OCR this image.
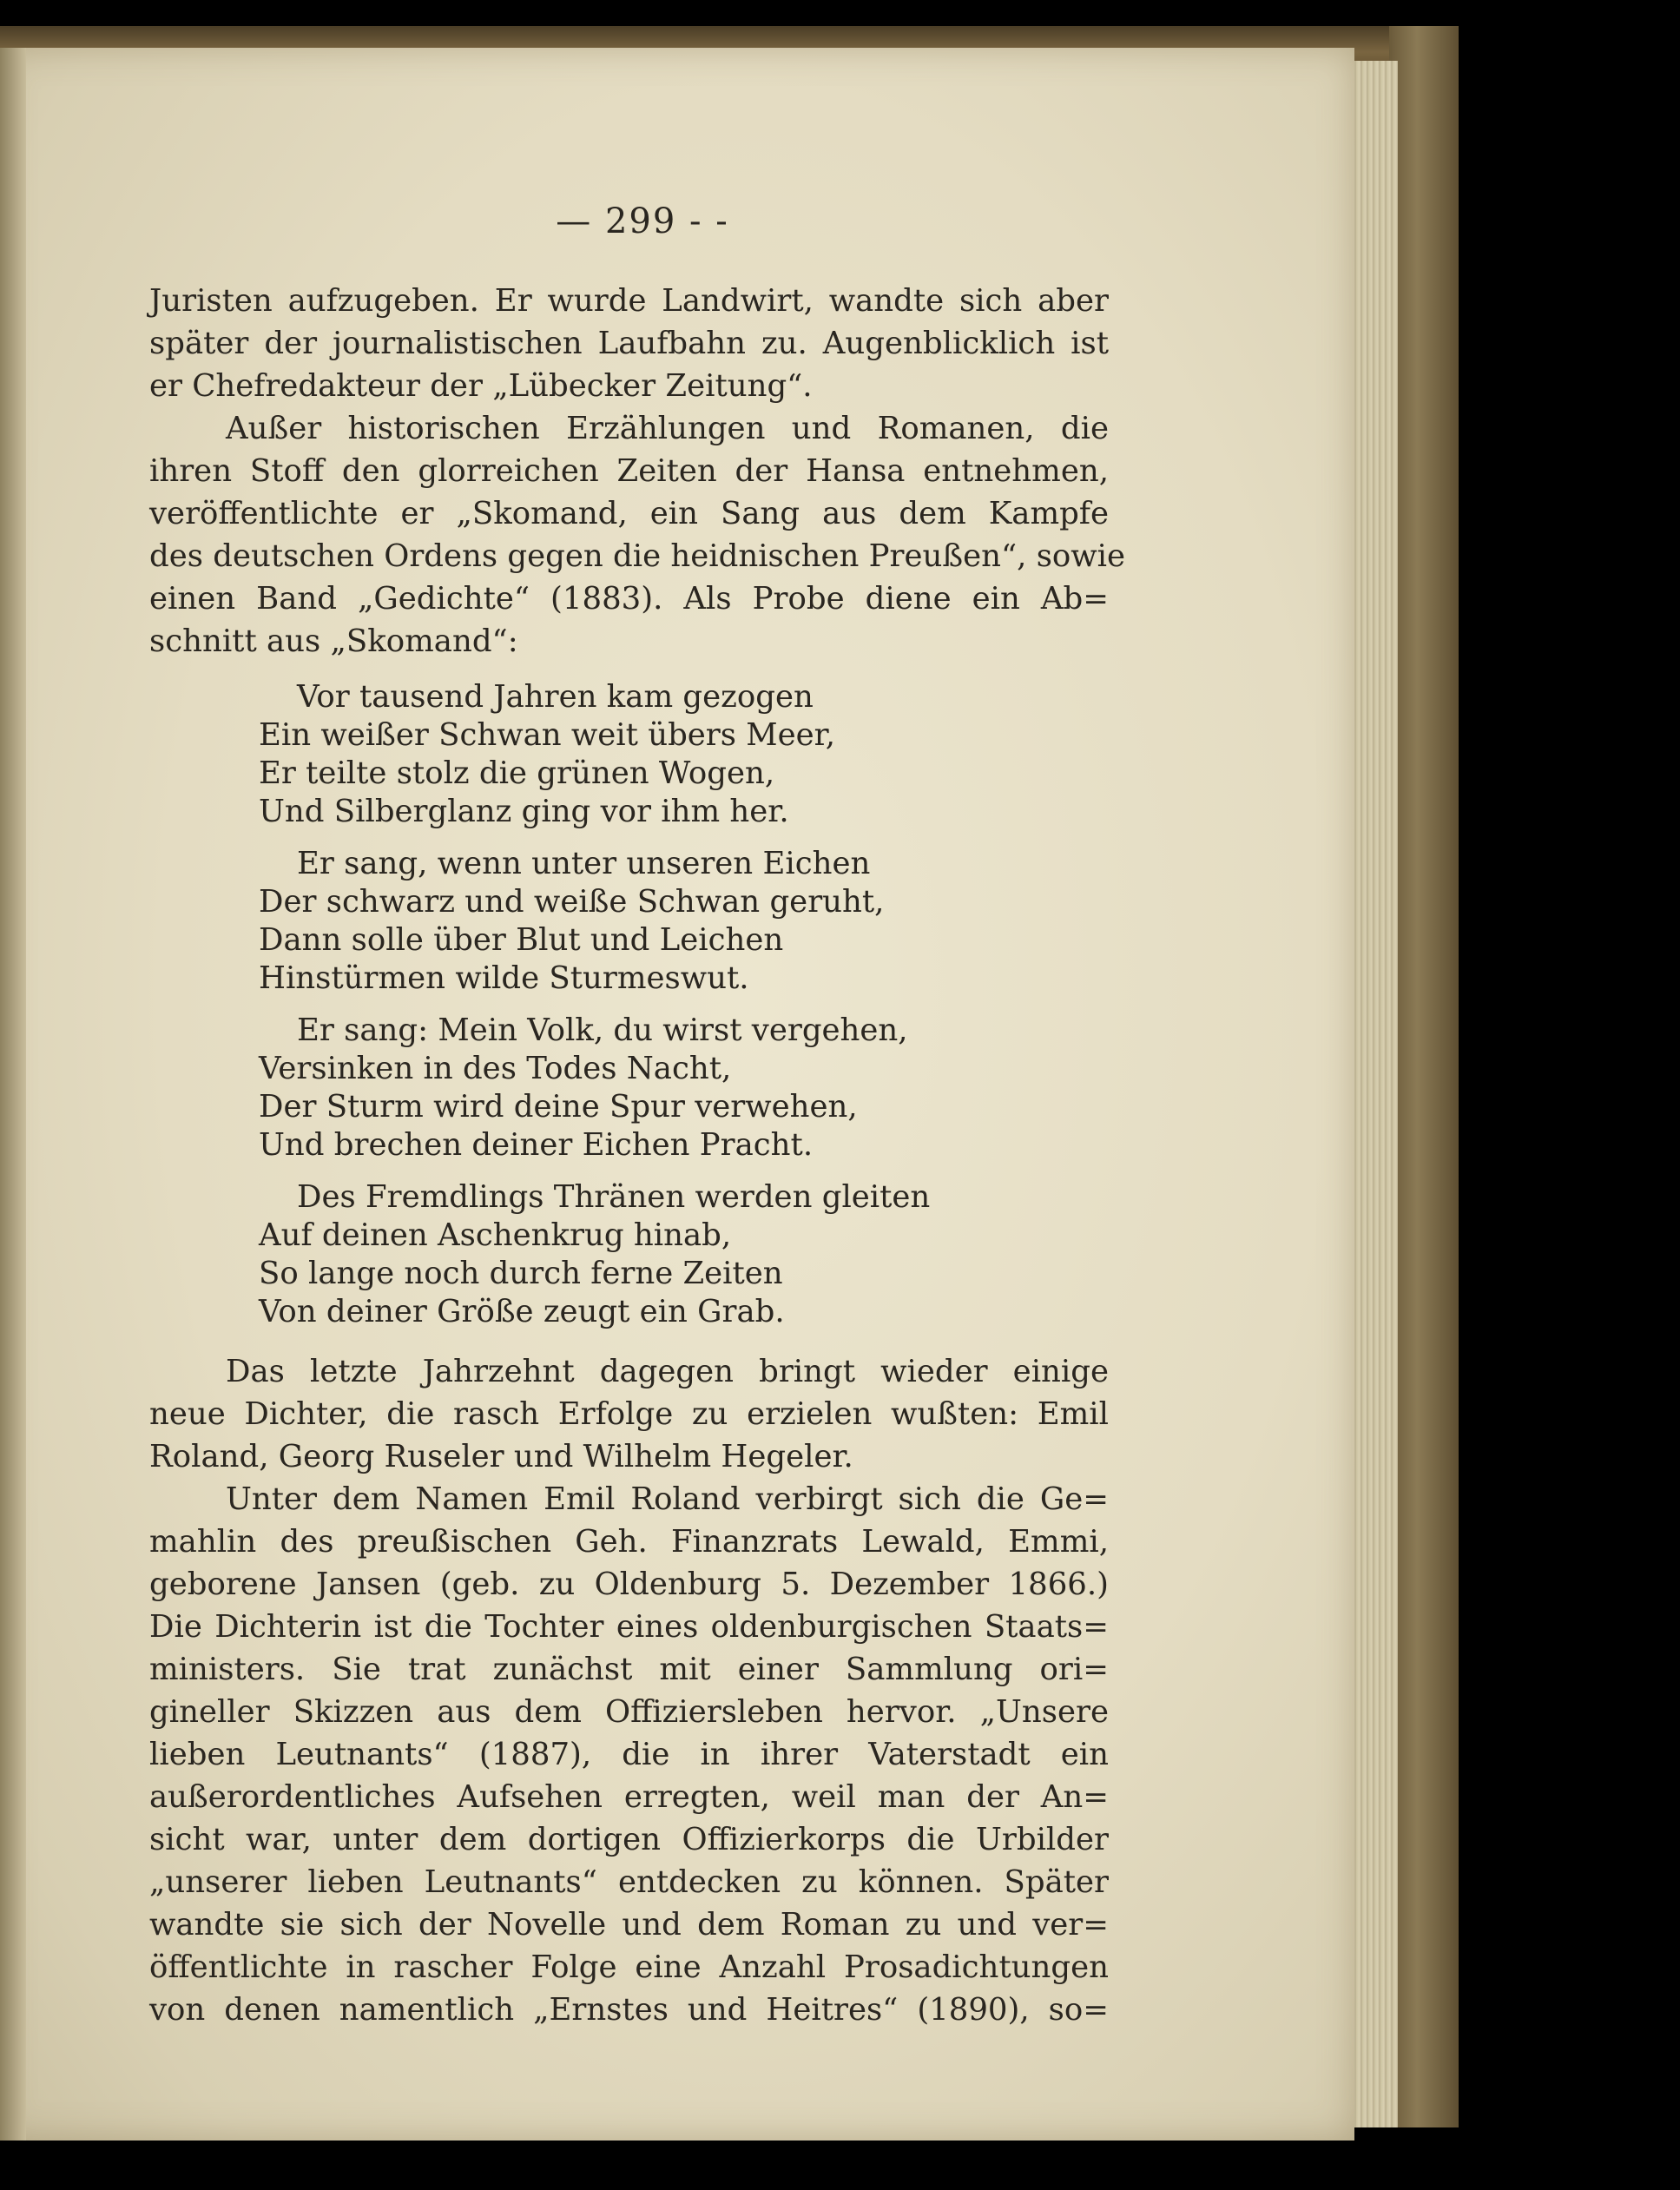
— 299 - -
Juristen aufzugeben. Er wurde Landwirt, wandte sich aber
später der journalistischen Laufbahn zu. Augenblicklich ist
er Chefredakteur der „Lübecker Zeitung“.
Außer historischen Erzählungen und Romanen, die
ihren Stoff den glorreichen Zeiten der Hansa entnehmen,
veröffentlichte er „Skomand, ein Sang aus dem Kampfe
des deutschen Ordens gegen die heidnischen Preußen“, sowie
einen Band „Gedichte“ (1883). Als Probe diene ein Ab=
schnitt aus „Skomand“:
Vor tausend Jahren kam gezogen
Ein weißer Schwan weit übers Meer,
Er teilte stolz die grünen Wogen,
Und Silberglanz ging vor ihm her.
Er sang, wenn unter unseren Eichen
Der schwarz und weiße Schwan geruht,
Dann solle über Blut und Leichen
Hinstürmen wilde Sturmeswut.
Er sang: Mein Volk, du wirst vergehen,
Versinken in des Todes Nacht,
Der Sturm wird deine Spur verwehen,
Und brechen deiner Eichen Pracht.
Des Fremdlings Thränen werden gleiten
Auf deinen Aschenkrug hinab,
So lange noch durch ferne Zeiten
Von deiner Größe zeugt ein Grab.
Das letzte Jahrzehnt dagegen bringt wieder einige
neue Dichter, die rasch Erfolge zu erzielen wußten: Emil
Roland, Georg Ruseler und Wilhelm Hegeler.
Unter dem Namen Emil Roland verbirgt sich die Ge=
mahlin des preußischen Geh. Finanzrats Lewald, Emmi,
geborene Jansen (geb. zu Oldenburg 5. Dezember 1866.)
Die Dichterin ist die Tochter eines oldenburgischen Staats=
ministers. Sie trat zunächst mit einer Sammlung ori=
gineller Skizzen aus dem Offiziersleben hervor. „Unsere
lieben Leutnants“ (1887), die in ihrer Vaterstadt ein
außerordentliches Aufsehen erregten, weil man der An=
sicht war, unter dem dortigen Offizierkorps die Urbilder
„unserer lieben Leutnants“ entdecken zu können. Später
wandte sie sich der Novelle und dem Roman zu und ver=
öffentlichte in rascher Folge eine Anzahl Prosadichtungen
von denen namentlich „Ernstes und Heitres“ (1890), so=
